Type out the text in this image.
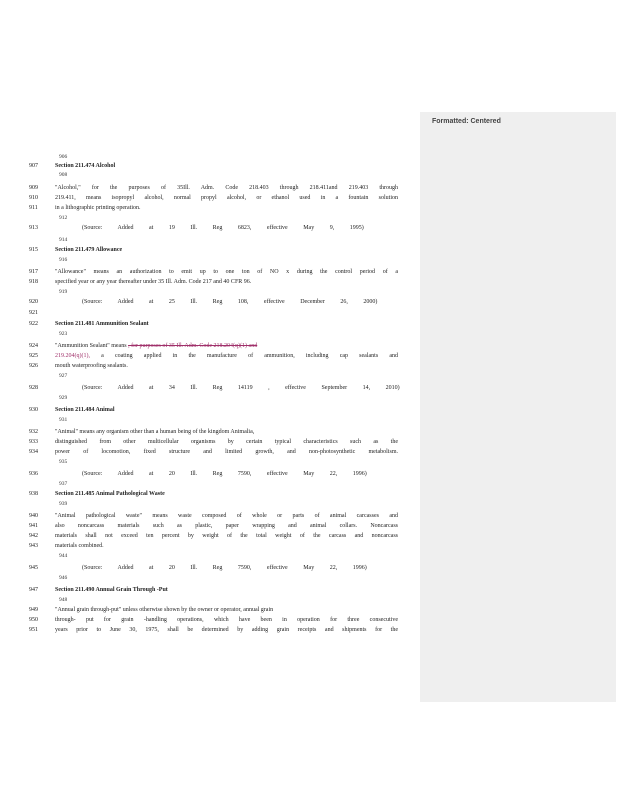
906
907	Section 211.474 Alcohol
908
909	"Alcohol," for the purposes of 35Ill. Adm. Code 218.403 through 218.411and 219.403 through
910	219.411, means isopropyl alcohol, normal propyl alcohol, or ethanol used in a fountain solution
911	in a lithographic printing operation.
912
913	(Source: Added at 19 Ill. Reg 6823, effective May 9, 1995)
914
915	Section 211.479 Allowance
916
917	"Allowance" means an authorization to emit up to one ton of NO x during the control period of a
918	specified year or any year thereafter under 35 Ill. Adm. Code 217 and 40 CFR 96.
919
920	(Source: Added at 25 Ill. Reg 108, effective December 26, 2000)
921
922	Section 211.481 Ammunition Sealant
923
924	"Ammunition Sealant" means , for purposes of 35 Ill. Adm. Code 218.204(q)(1) and
925	219.204(q)(1), a coating applied in the manufacture of ammunition, including cap sealants and
926	mouth waterproofing sealants.
927
928	(Source: Added at 34 Ill. Reg 14119 , effective September 14, 2010)
929
930	Section 211.484 Animal
931
932	"Animal" means any organism other than a human being of the kingdom Animalia,
933	distinguished from other multicellular organisms by certain typical characteristics such as the
934	power of locomotion, fixed structure and limited growth, and non-photosynthetic metabolism.
935
936	(Source: Added at 20 Ill. Reg 7590, effective May 22, 1996)
937
938	Section 211.485 Animal Pathological Waste
939
940	"Animal pathological waste" means waste composed of whole or parts of animal carcasses and
941	also noncarcass materials such as plastic, paper wrapping and animal collars. Noncarcass
942	materials shall not exceed ten percent by weight of the total weight of the carcass and noncarcass
943	materials combined.
944
945	(Source: Added at 20 Ill. Reg 7590, effective May 22, 1996)
946
947	Section 211.490 Annual Grain Through -Put
948
949	"Annual grain through-put" unless otherwise shown by the owner or operator, annual grain
950	through- put for grain -handling operations, which have been in operation for three consecutive
951	years prior to June 30, 1975, shall be determined by adding grain receipts and shipments for the
Formatted: Centered
